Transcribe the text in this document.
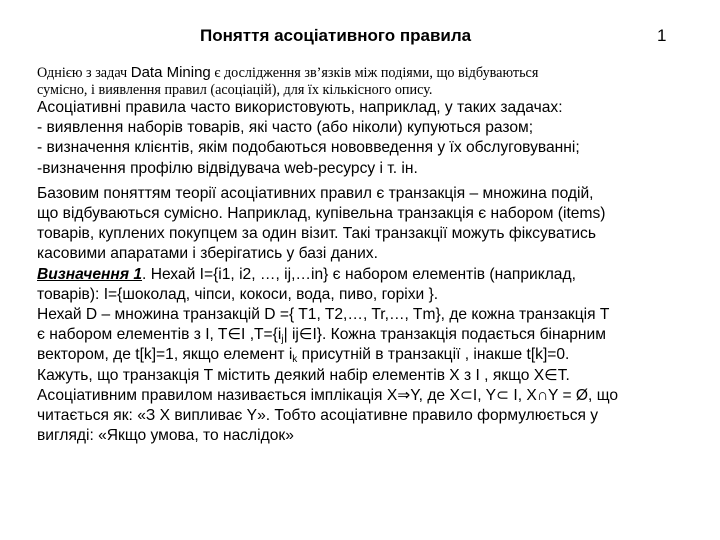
Поняття асоціативного правила	1
Однією з задач Data Mining є дослідження зв’язків між подіями, що відбуваються
сумісно, і виявлення правил (асоціацій), для їх кількісного опису.
Асоціативні правила часто використовують, наприклад, у таких задачах:
- виявлення наборів товарів, які часто (або ніколи) купуються разом;
- визначення клієнтів, якім подобаються нововведення у їх обслуговуванні;
-визначення профілю відвідувача web-ресурсу і т. ін.
Базовим поняттям теорії асоціативних правил є транзакція – множина подій,
що відбуваються сумісно. Наприклад, купівельна транзакція є набором (items)
товарів, куплених покупцем за один візит. Такі транзакції можуть фіксуватись
касовими апаратами і зберігатись у базі даних.
Визначення 1. Нехай I={i1, i2, …, ij,…in} є набором елементів (наприклад,
товарів): I={шоколад, чіпси, кокоси, вода, пиво, горіхи }.
Нехай D – множина транзакцій D ={ T1, T2,…, Tr,…, Tm}, де кожна транзакція T
є набором елементів з I, T∈I $,T=\{i_j|$ ij∈I}. Кожна транзакція подається бінарним
вектором, де t[k]=1, якщо елемент $i_k$ присутній в транзакції , інакше t[k]=0.
Кажуть, що транзакція T містить деякий набір елементів X з I , якщо X∈T.
Асоціативним правилом називається імплікація X⇒Y, де X⊂I, Y⊂ I, X∩Y = Ø, що
читається як: «З X випливає Y». Тобто асоціативне правило формулюється у
вигляді: «Якщо умова, то наслідок»
